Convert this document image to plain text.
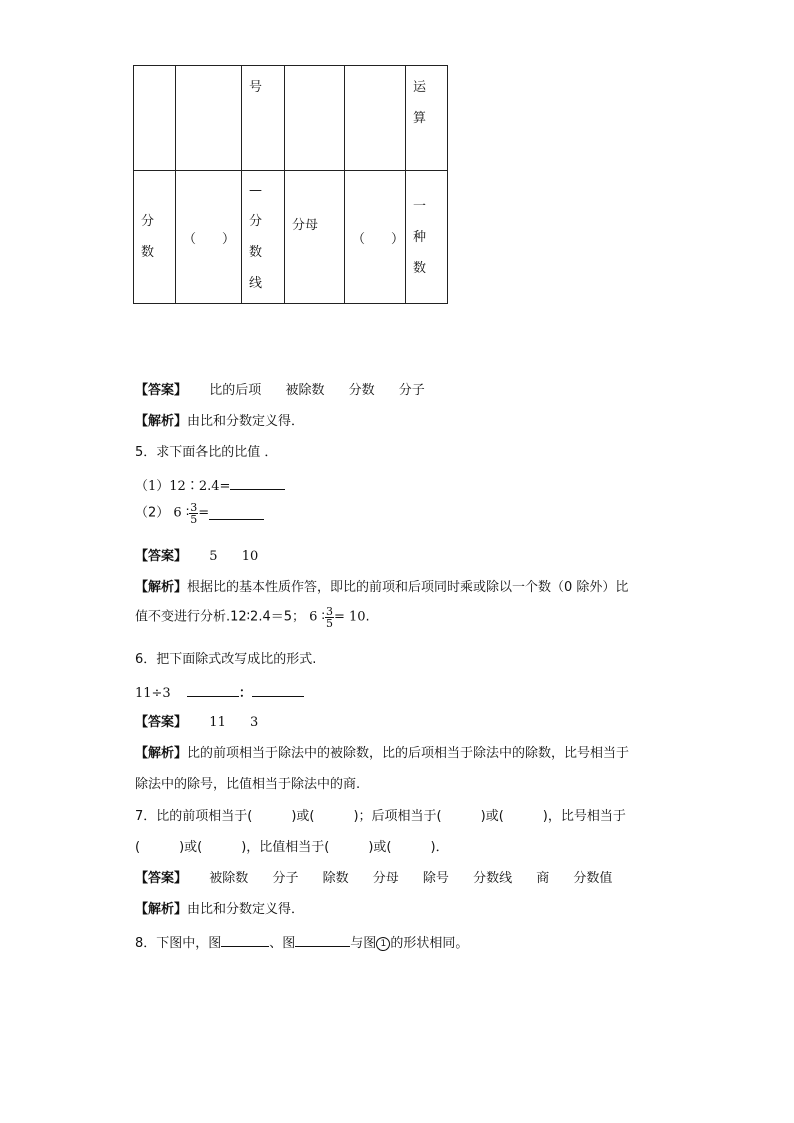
		号			运算

分数	（　　）	—分数线	分母	（　　）	一种数
【答案】 比的后项 被除数 分数 分子
【解析】由比和分数定义得．
5．求下面各比的比值 ．
（1）12∶2.4=
（2） 6 ∶ $\frac{3}{5}$ =
【答案】 5 10
【解析】根据比的基本性质作答，即比的前项和后项同时乘或除以一个数（0 除外）比
值不变进行分析.12∶2.4＝5； 6 ∶ $\frac{3}{5} = 10$.
6．把下面除式改写成比的形式.
11÷3	：
【答案】 11 3
【解析】比的前项相当于除法中的被除数，比的后项相当于除法中的除数，比号相当于
除法中的除号，比值相当于除法中的商.
7．比的前项相当于(　　　)或(　　　)；后项相当于(　　　)或(　　　)，比号相当于
(　　　)或(　　　)，比值相当于(　　　)或(　　　)．
【答案】 被除数 分子 除数 分母 除号 分数线 商 分数值
【解析】由比和分数定义得．
8．下图中，图	、图	与图 1 的形状相同。
